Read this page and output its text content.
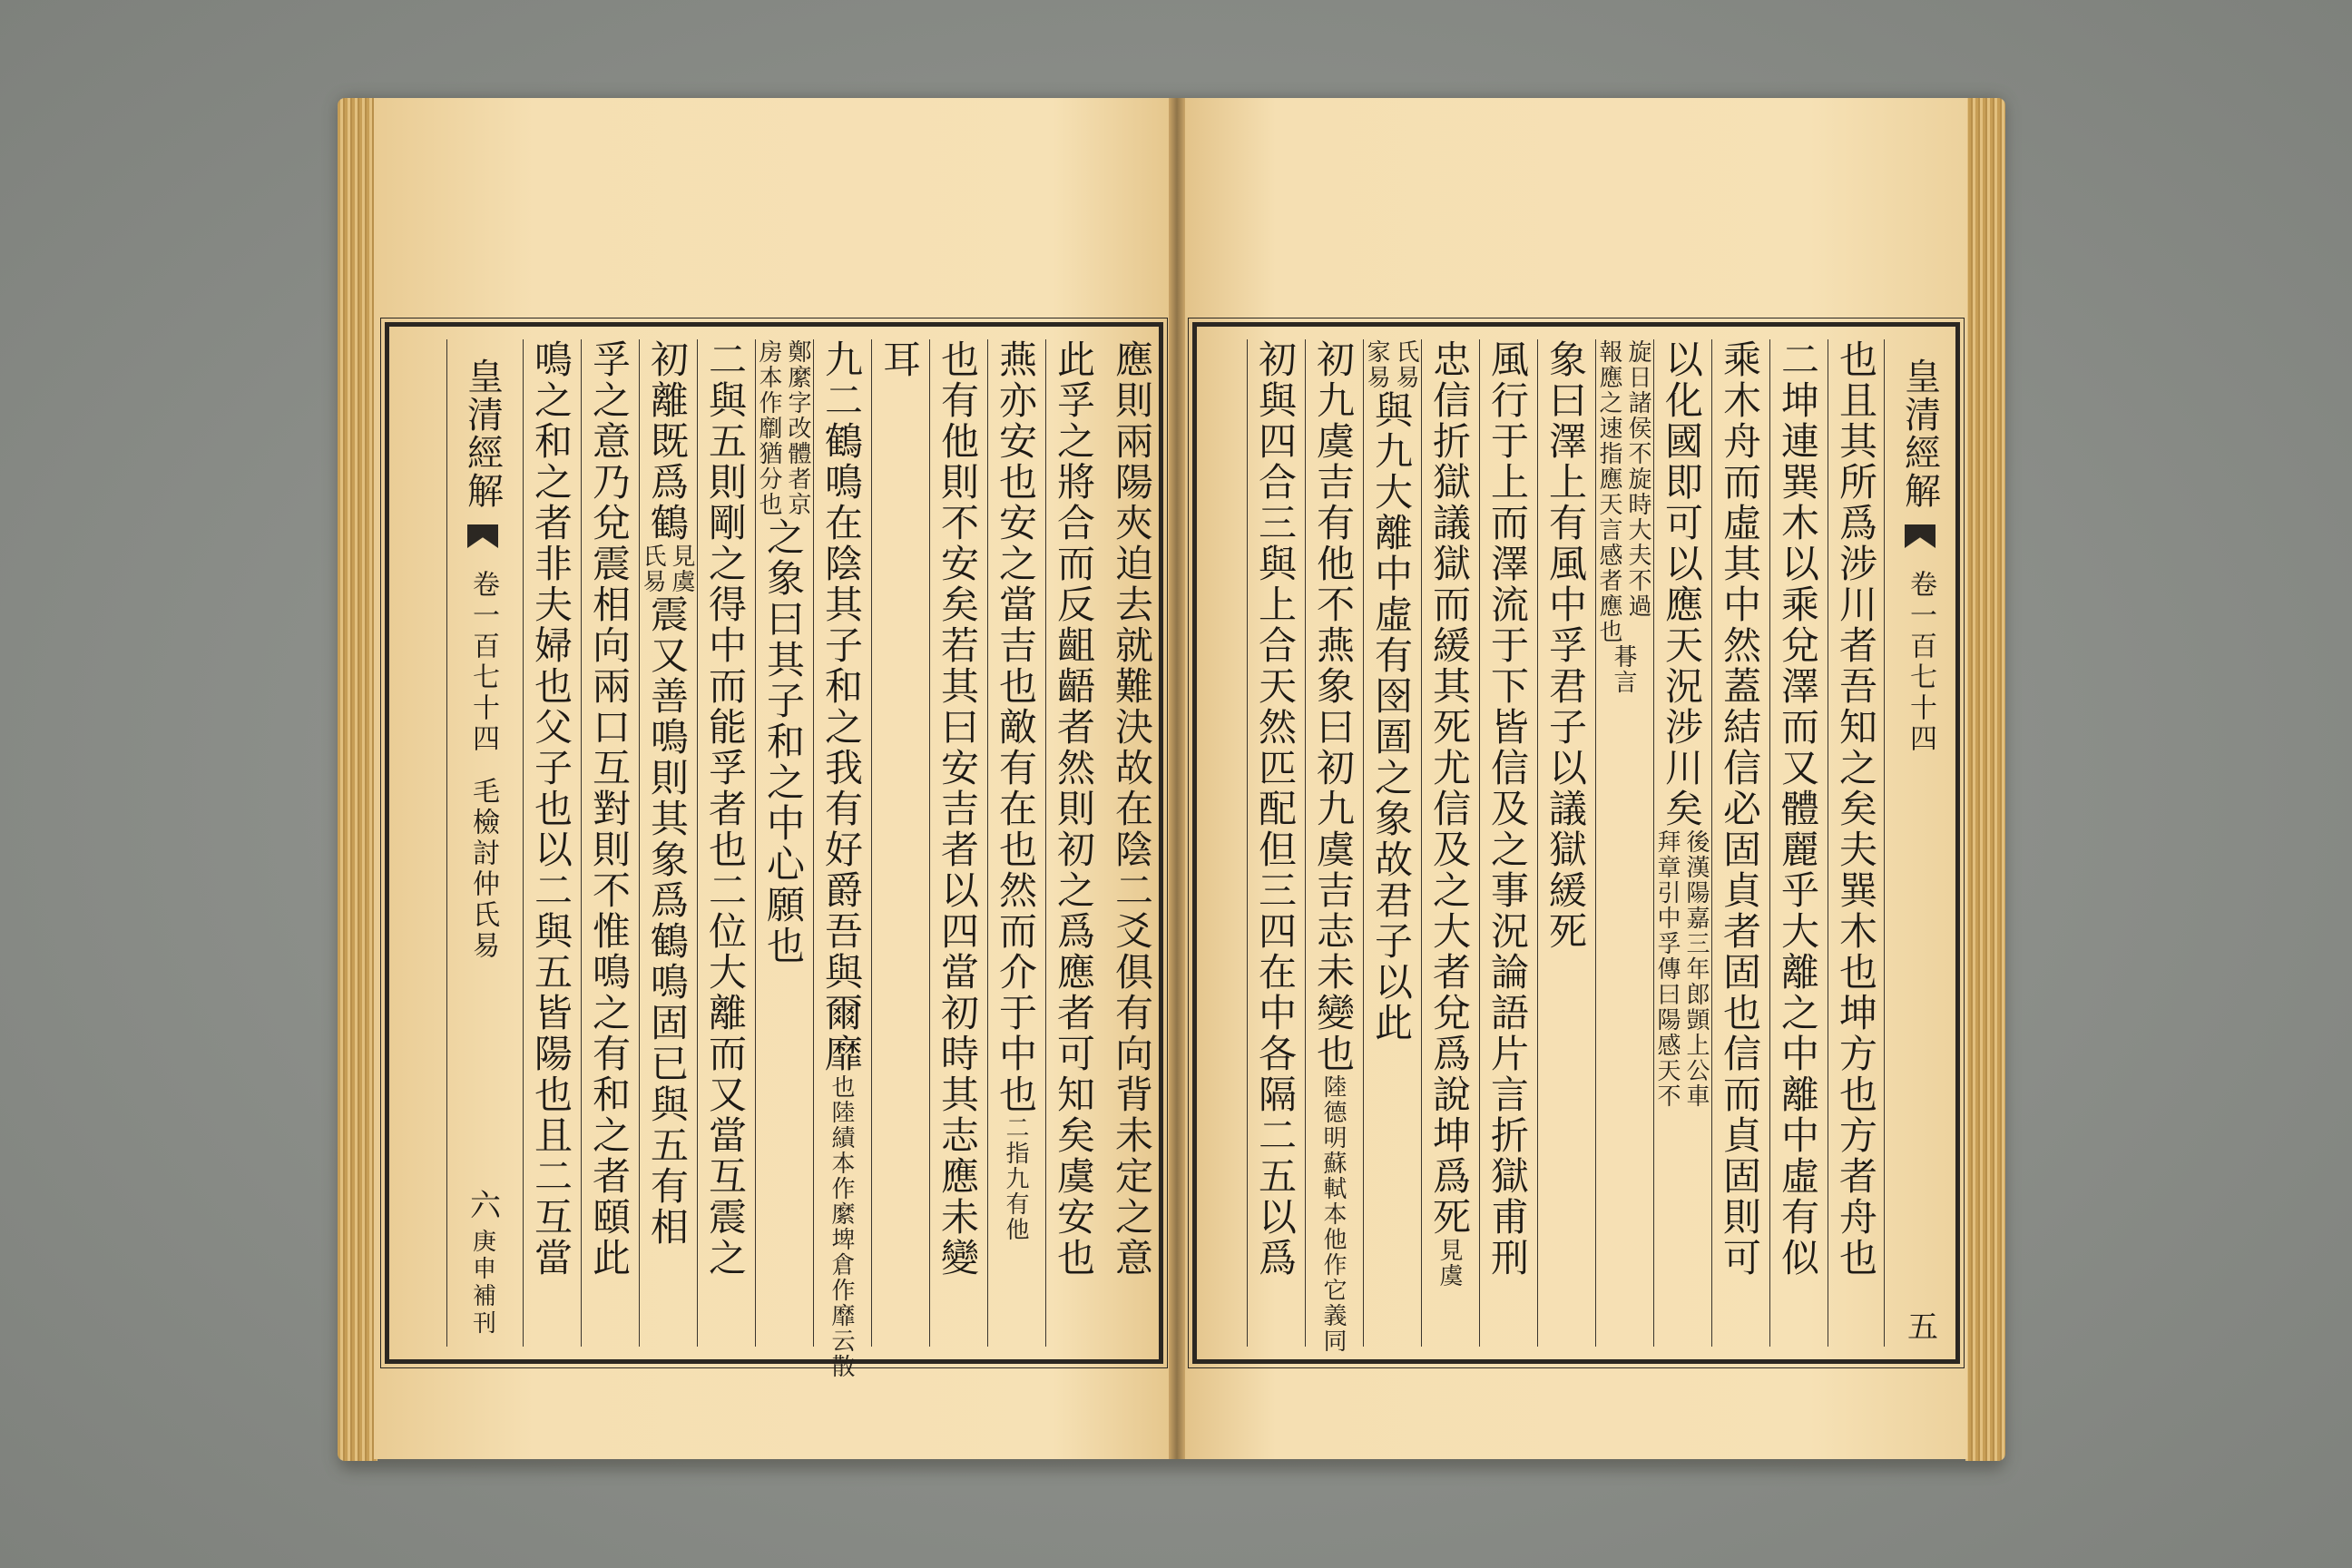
應則兩陽夾迫去就難決故在陰二爻俱有向背未定之意
此孚之將合而反齟齬者然則初之爲應者可知矣虞安也
燕亦安也安之當吉也敵有在也然而介于中也
二指九有他
也有他則不安矣若其曰安吉者以四當初時其志應未變
耳
九二鶴鳴在陰其子和之我有好爵吾與爾靡
也陸績本作縻埤倉作靡云散
鄭縻字改體者京
房本作劘猶分也
之象曰其子和之中心願也
二與五則剛之得中而能孚者也二位大離而又當互震之
初離既爲鶴
見虞
氏易
震又善鳴則其象爲鶴鳴固已與五有相
孚之意乃兌震相向兩口互對則不惟鳴之有和之者頤此
鳴之和之者非夫婦也父子也以二與五皆陽也且二互當
皇清經解
卷一百七十四
毛檢討仲氏易
六
庚申補刊
皇清經解
卷一百七十四
五
也且其所爲涉川者吾知之矣夫巽木也坤方也方者舟也
二坤連巽木以乘兌澤而又體麗乎大離之中離中虛有似
乘木舟而虛其中然蓋結信必固貞者固也信而貞固則可
以化國即可以應天況涉川矣
後漢陽嘉三年郎顗上公車
拜章引中孚傳曰陽感天不
旋日諸侯不旋時大夫不過
報應之速指應天言感者應也
朞言
象曰澤上有風中孚君子以議獄緩死
風行于上而澤流于下皆信及之事況論語片言折獄甫刑
忠信折獄議獄而緩其死尤信及之大者兌爲說坤爲死
見虞
氏易
家易
與九大離中虛有囹圄之象故君子以此
初九虞吉有他不燕象曰初九虞吉志未變也
陸德明蘇軾本他作它義同
初與四合三與上合天然匹配但三四在中各隔二五以爲
